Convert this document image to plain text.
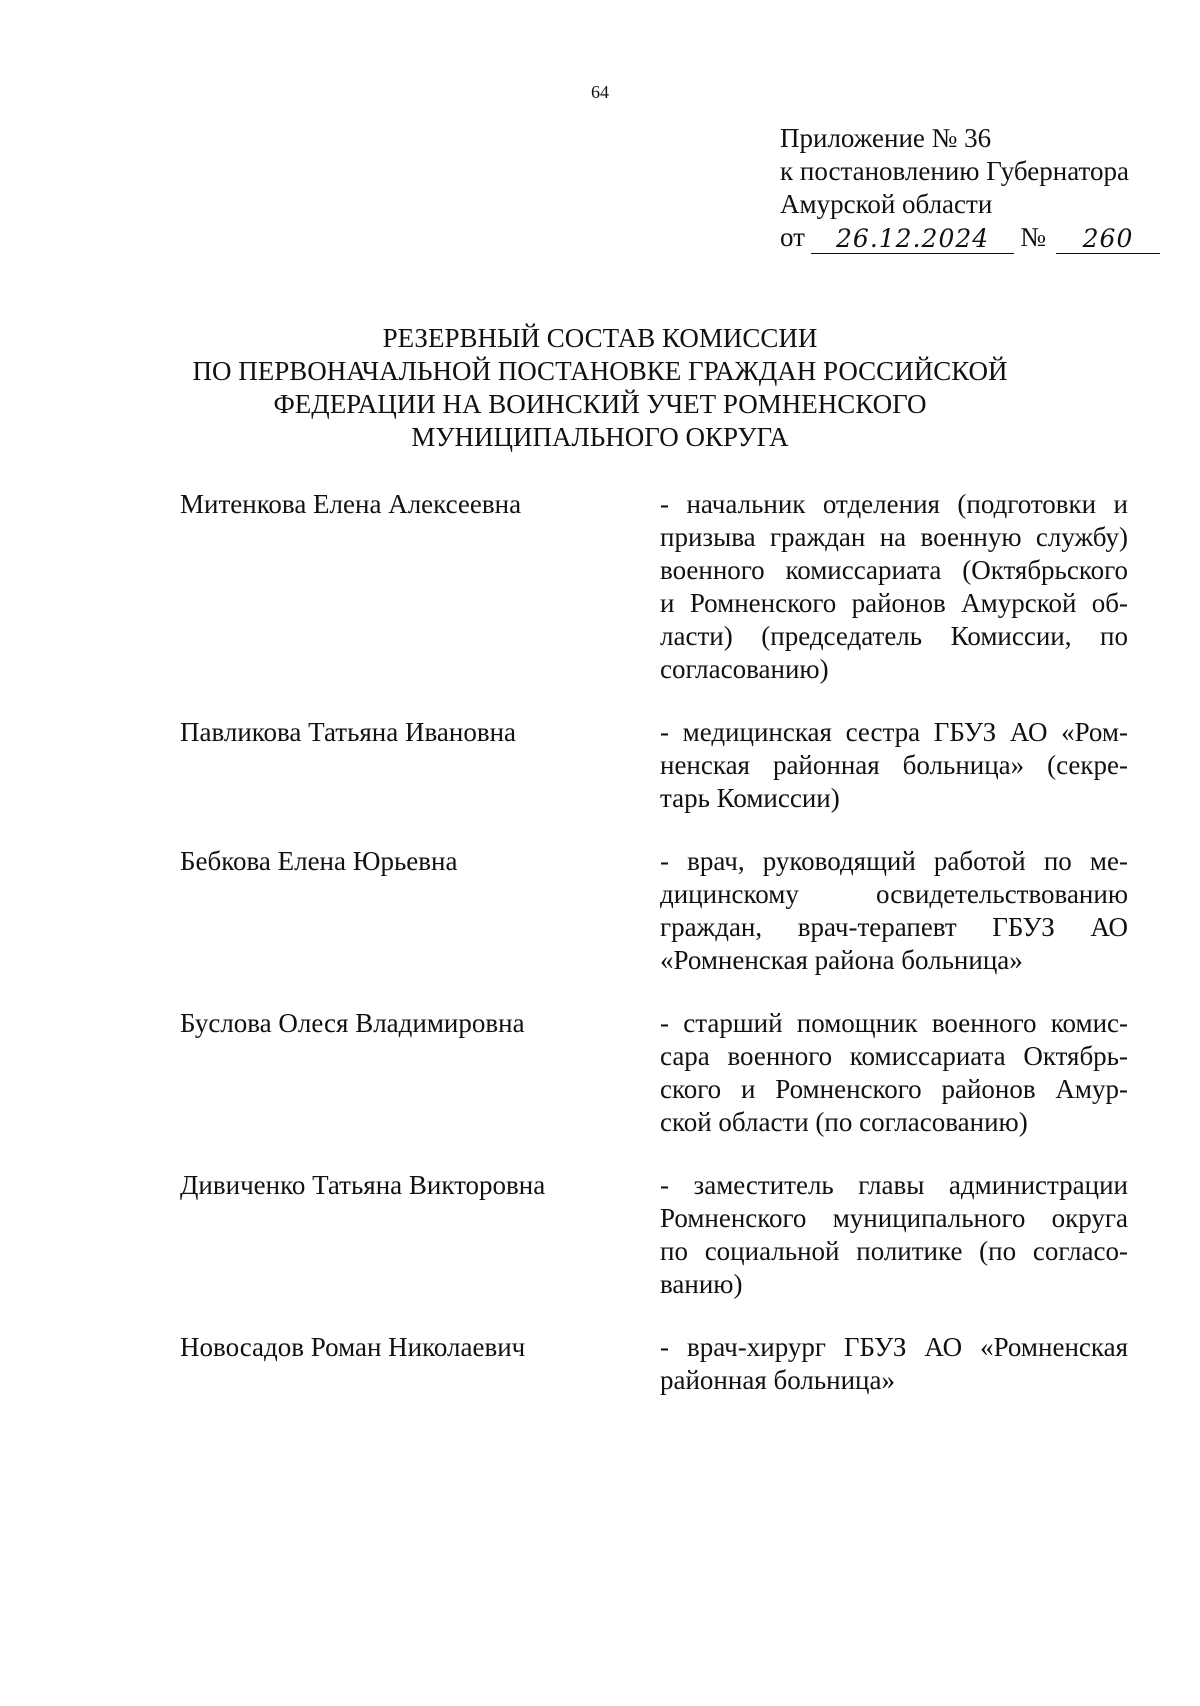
64
Приложение № 36
к постановлению Губернатора
Амурской области
от	26.12.2024	№	260
РЕЗЕРВНЫЙ СОСТАВ КОМИССИИ
ПО ПЕРВОНАЧАЛЬНОЙ ПОСТАНОВКЕ ГРАЖДАН РОССИЙСКОЙ
ФЕДЕРАЦИИ НА ВОИНСКИЙ УЧЕТ РОМНЕНСКОГО
МУНИЦИПАЛЬНОГО ОКРУГА
Митенкова Елена Алексеевна	- начальник отделения (подготовки и
призыва граждан на военную службу)
военного комиссариата (Октябрьского
и Ромненского районов Амурской об-
ласти) (председатель Комиссии, по
согласованию)
Павликова Татьяна Ивановна	- медицинская сестра ГБУЗ АО «Ром-
ненская районная больница» (секре-
тарь Комиссии)
Бебкова Елена Юрьевна	- врач, руководящий работой по ме-
дицинскому освидетельствованию
граждан, врач-терапевт ГБУЗ АО
«Ромненская района больница»
Буслова Олеся Владимировна	- старший помощник военного комис-
сара военного комиссариата Октябрь-
ского и Ромненского районов Амур-
ской области (по согласованию)
Дивиченко Татьяна Викторовна	- заместитель главы администрации
Ромненского муниципального округа
по социальной политике (по согласо-
ванию)
Новосадов Роман Николаевич	- врач-хирург ГБУЗ АО «Ромненская
районная больница»
